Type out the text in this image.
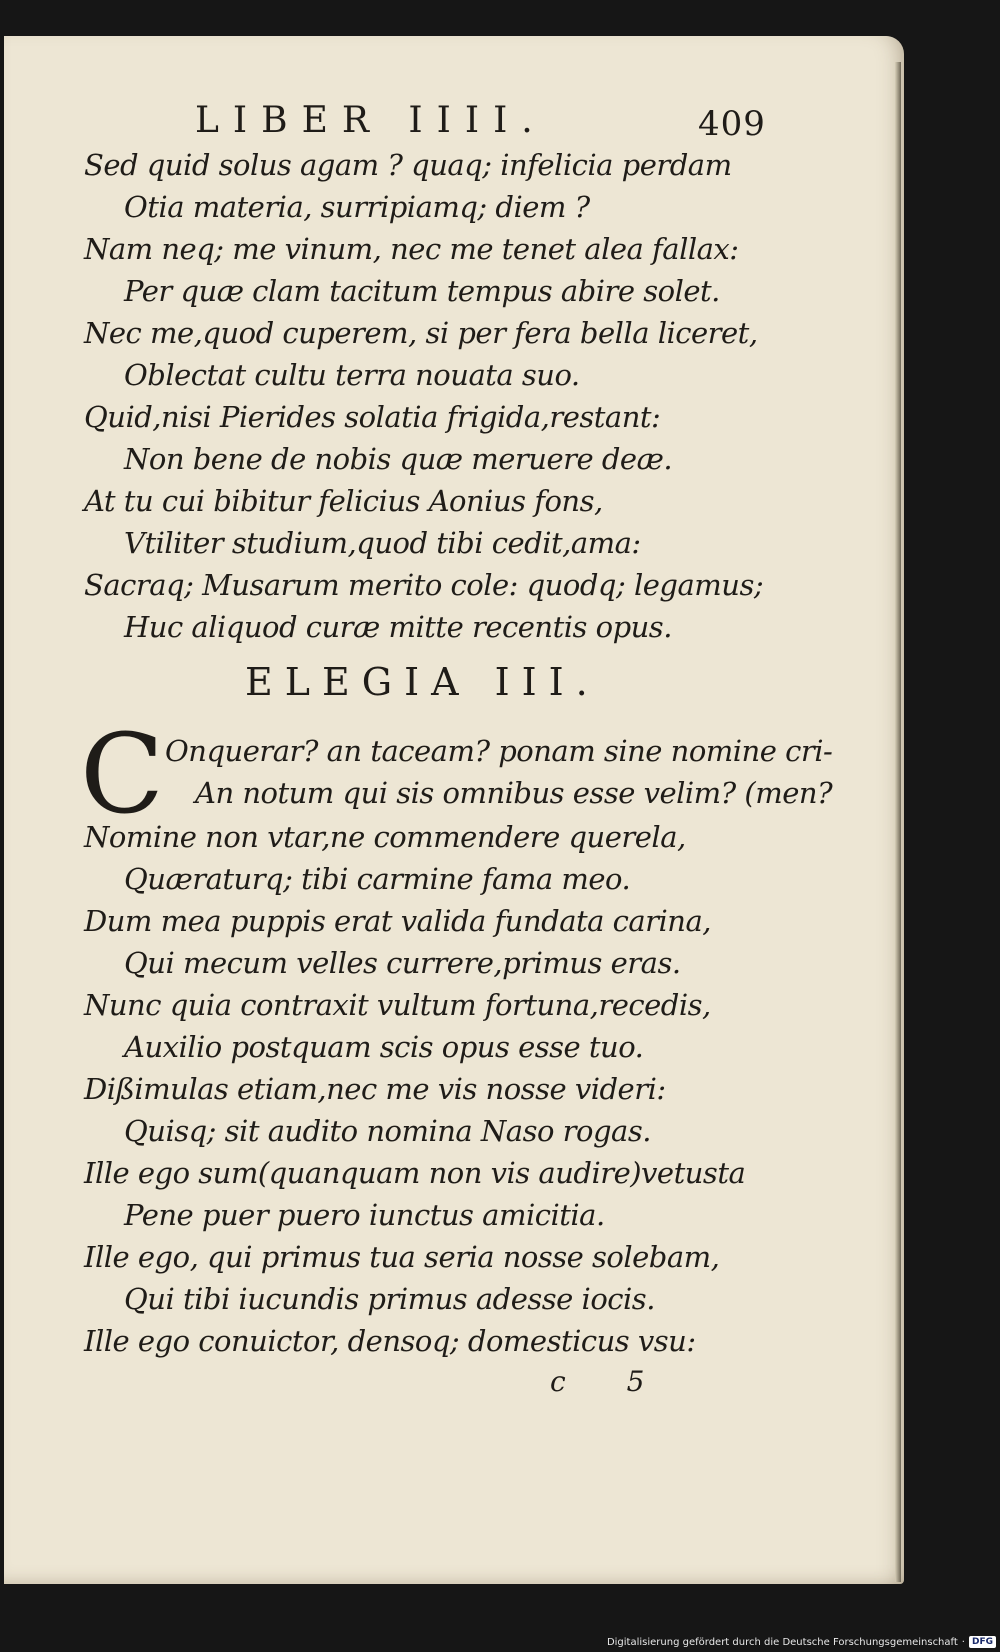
LIBER IIII.	409
Sed quid solus agam ? quaq; infelicia perdam
Otia materia, surripiamq; diem ?
Nam neq; me vinum, nec me tenet alea fallax:
Per quæ clam tacitum tempus abire solet.
Nec me,quod cuperem, si per fera bella liceret,
Oblectat cultu terra nouata suo.
Quid,nisi Pierides solatia frigida,restant:
Non bene de nobis quæ meruere deæ.
At tu cui bibitur felicius Aonius fons,
Vtiliter studium,quod tibi cedit,ama:
Sacraq; Musarum merito cole: quodq; legamus;
Huc aliquod curæ mitte recentis opus.
ELEGIA III.
C Onquerar? an taceam? ponam sine nomine cri-
An notum qui sis omnibus esse velim? (men?
Nomine non vtar,ne commendere querela,
Quæraturq; tibi carmine fama meo.
Dum mea puppis erat valida fundata carina,
Qui mecum velles currere,primus eras.
Nunc quia contraxit vultum fortuna,recedis,
Auxilio postquam scis opus esse tuo.
Dißimulas etiam,nec me vis nosse videri:
Quisq; sit audito nomina Naso rogas.
Ille ego sum(quanquam non vis audire)vetusta
Pene puer puero iunctus amicitia.
Ille ego, qui primus tua seria nosse solebam,
Qui tibi iucundis primus adesse iocis.
Ille ego conuictor, densoq; domesticus vsu:
c 5
Digitalisierung gefördert durch die Deutsche Forschungsgemeinschaft · DFG
